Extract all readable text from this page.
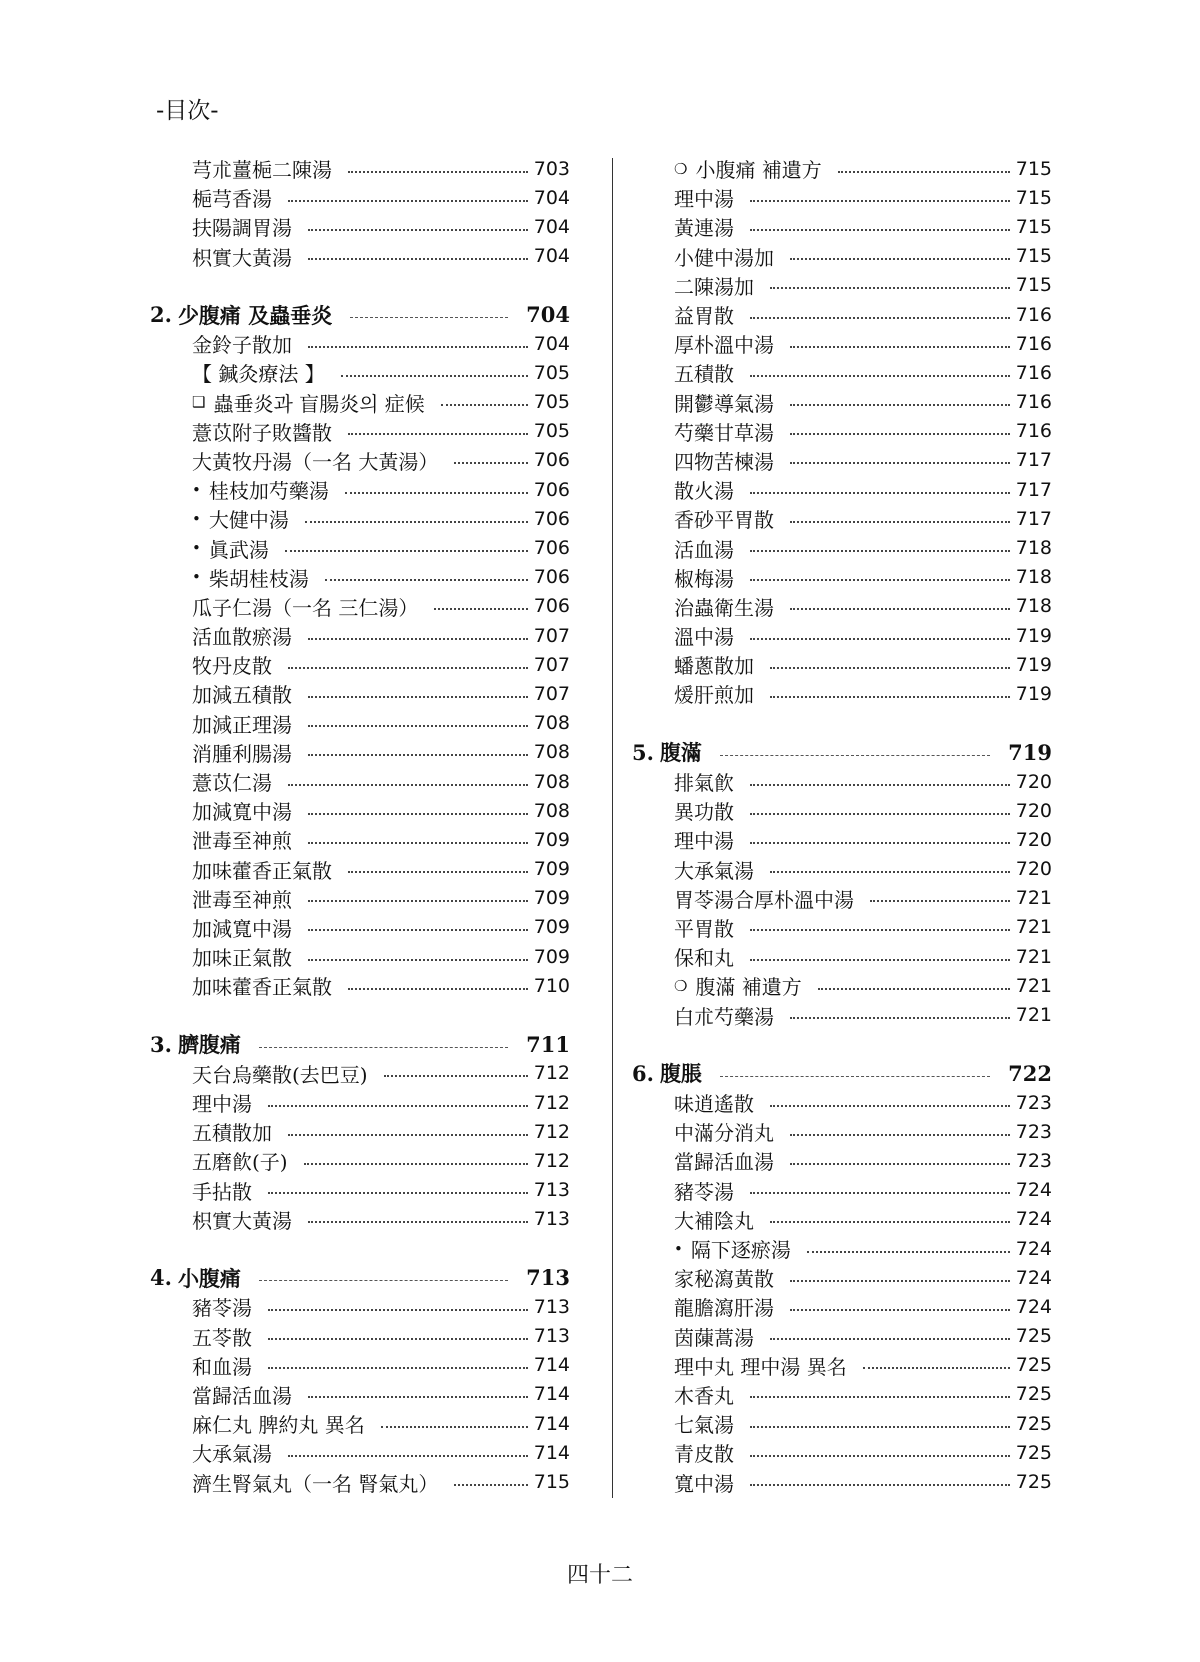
-目次-
芎朮薑梔二陳湯	703
梔芎香湯	704
扶陽調胃湯	704
枳實大黃湯	704
2. 少腹痛 及蟲垂炎	704
金鈴子散加	704
【 鍼灸療法 】	705
❑ 蟲垂炎과 盲腸炎의 症候	705
薏苡附子敗醬散	705
大黃牧丹湯（一名 大黃湯）	706
• 桂枝加芍藥湯	706
• 大健中湯	706
• 眞武湯	706
• 柴胡桂枝湯	706
瓜子仁湯（一名 三仁湯）	706
活血散瘀湯	707
牧丹皮散	707
加減五積散	707
加減正理湯	708
消腫利腸湯	708
薏苡仁湯	708
加減寬中湯	708
泄毒至神煎	709
加味藿香正氣散	709
泄毒至神煎	709
加減寬中湯	709
加味正氣散	709
加味藿香正氣散	710
3. 臍腹痛	711
天台烏藥散(去巴豆)	712
理中湯	712
五積散加	712
五磨飮(子)	712
手拈散	713
枳實大黃湯	713
4. 小腹痛	713
豬苓湯	713
五苓散	713
和血湯	714
當歸活血湯	714
麻仁丸 脾約丸 異名	714
大承氣湯	714
濟生腎氣丸（一名 腎氣丸）	715
❍ 小腹痛 補遺方	715
理中湯	715
黃連湯	715
小健中湯加	715
二陳湯加	715
益胃散	716
厚朴溫中湯	716
五積散	716
開鬱導氣湯	716
芍藥甘草湯	716
四物苦楝湯	717
散火湯	717
香砂平胃散	717
活血湯	718
椒梅湯	718
治蟲衛生湯	718
溫中湯	719
蟠蔥散加	719
煖肝煎加	719
5. 腹滿	719
排氣飮	720
異功散	720
理中湯	720
大承氣湯	720
胃苓湯合厚朴溫中湯	721
平胃散	721
保和丸	721
❍ 腹滿 補遺方	721
白朮芍藥湯	721
6. 腹脹	722
味逍遙散	723
中滿分消丸	723
當歸活血湯	723
豬苓湯	724
大補陰丸	724
• 隔下逐瘀湯	724
家秘瀉黃散	724
龍膽瀉肝湯	724
茵蔯蒿湯	725
理中丸 理中湯 異名	725
木香丸	725
七氣湯	725
青皮散	725
寬中湯	725
四十二
